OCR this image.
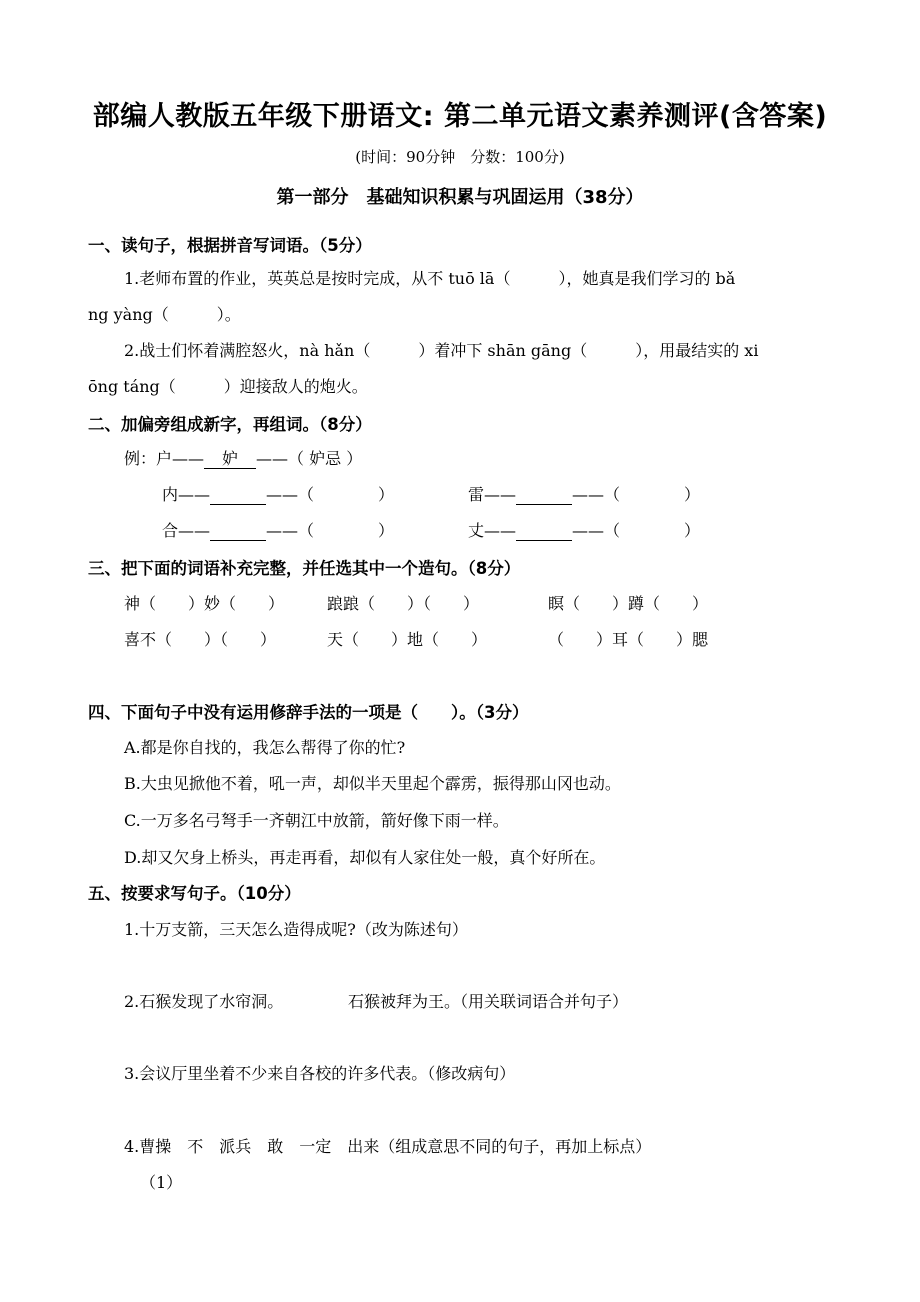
部编人教版五年级下册语文: 第二单元语文素养测评(含答案)
(时间：90分钟　分数：100分)
第一部分　基础知识积累与巩固运用（38分）
一、读句子，根据拼音写词语。（5分）
1.老师布置的作业，英英总是按时完成，从不 tuō lā（　　　），她真是我们学习的 bǎ
ng yàng（　　　）。
2.战士们怀着满腔怒火，nà hǎn（　　　）着冲下 shān gāng（　　　），用最结实的 xi
ōng táng（　　　）迎接敌人的炮火。
二、加偏旁组成新字，再组词。（8分）
例：户—— 妒 ——（ 妒忌 ）
内——	——（　　　　）	雷——	——（　　　　）
合——	——（　　　　）	丈——	——（　　　　）
三、把下面的词语补充完整，并任选其中一个造句。（8分）
神（　　）妙（　　）	踉踉（　　）（　　）	瞑（　　）蹲（　　）
喜不（　　）（　　）	天（　　）地（　　）	（　　）耳（　　）腮
四、下面句子中没有运用修辞手法的一项是（　　）。（3分）
A.都是你自找的，我怎么帮得了你的忙?
B.大虫见掀他不着，吼一声，却似半天里起个霹雳，振得那山冈也动。
C.一万多名弓弩手一齐朝江中放箭，箭好像下雨一样。
D.却又欠身上桥头，再走再看，却似有人家住处一般，真个好所在。
五、按要求写句子。（10分）
1.十万支箭，三天怎么造得成呢?（改为陈述句）
2.石猴发现了水帘洞。	石猴被拜为王。（用关联词语合并句子）
3.会议厅里坐着不少来自各校的许多代表。（修改病句）
4.曹操　不　派兵　敢　一定　出来（组成意思不同的句子，再加上标点）
（1）
